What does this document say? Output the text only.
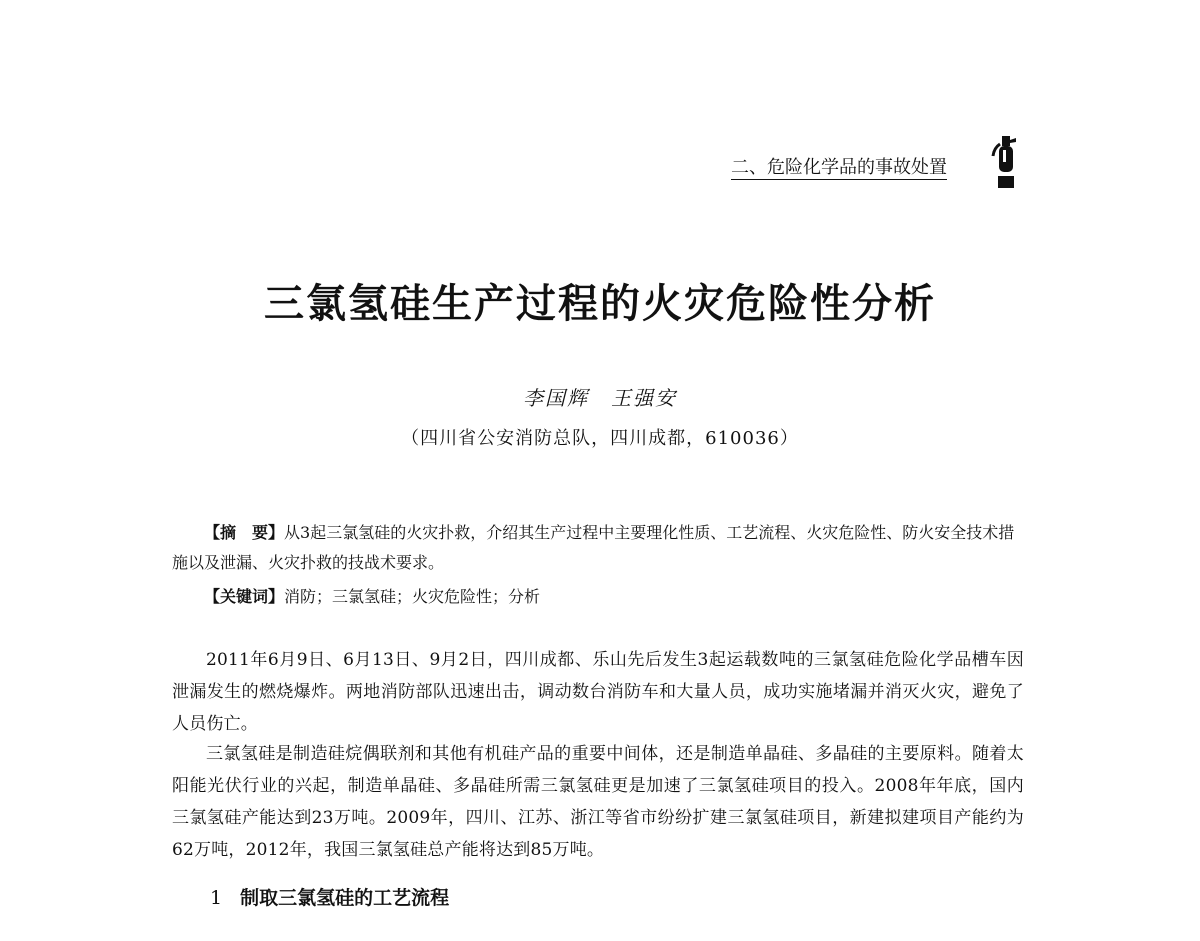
二、危险化学品的事故处置
三氯氢硅生产过程的火灾危险性分析
李国辉　王强安
（四川省公安消防总队，四川成都，610036）
【摘　要】从3起三氯氢硅的火灾扑救，介绍其生产过程中主要理化性质、工艺流程、火灾危险性、防火安全技术措施以及泄漏、火灾扑救的技战术要求。
【关键词】消防；三氯氢硅；火灾危险性；分析
2011年6月9日、6月13日、9月2日，四川成都、乐山先后发生3起运载数吨的三氯氢硅危险化学品槽车因泄漏发生的燃烧爆炸。两地消防部队迅速出击，调动数台消防车和大量人员，成功实施堵漏并消灭火灾，避免了人员伤亡。
三氯氢硅是制造硅烷偶联剂和其他有机硅产品的重要中间体，还是制造单晶硅、多晶硅的主要原料。随着太阳能光伏行业的兴起，制造单晶硅、多晶硅所需三氯氢硅更是加速了三氯氢硅项目的投入。2008年年底，国内三氯氢硅产能达到23万吨。2009年，四川、江苏、浙江等省市纷纷扩建三氯氢硅项目，新建拟建项目产能约为62万吨，2012年，我国三氯氢硅总产能将达到85万吨。
1 制取三氯氢硅的工艺流程
